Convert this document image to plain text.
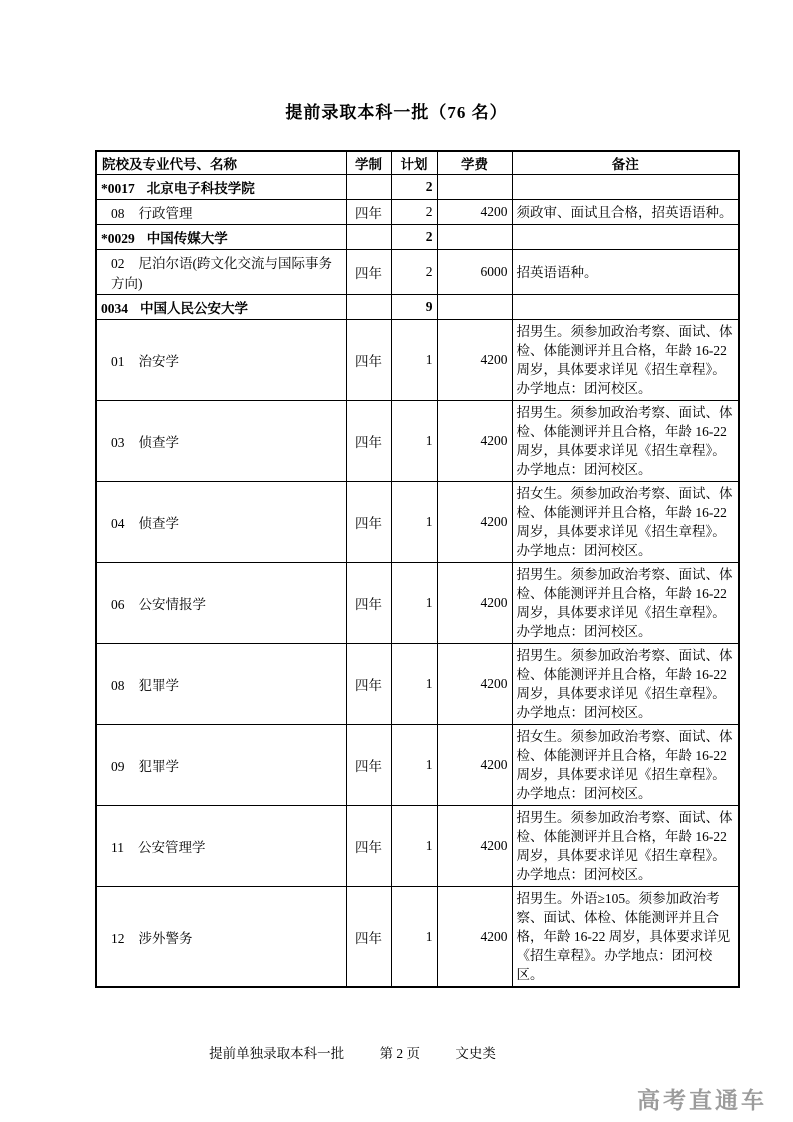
提前录取本科一批（76 名）
院校及专业代号、名称	学制	计划	学费	备注
*0017 北京电子科技学院		2		
08 行政管理	四年	2	4200	须政审、面试且合格，招英语语种。
*0029 中国传媒大学		2		
02 尼泊尔语(跨文化交流与国际事务方向)	四年	2	6000	招英语语种。
0034 中国人民公安大学		9		
01 治安学	四年	1	4200	招男生。须参加政治考察、面试、体检、体能测评并且合格，年龄 16-22 周岁，具体要求详见《招生章程》。办学地点：团河校区。
03 侦查学	四年	1	4200	招男生。须参加政治考察、面试、体检、体能测评并且合格，年龄 16-22 周岁，具体要求详见《招生章程》。办学地点：团河校区。
04 侦查学	四年	1	4200	招女生。须参加政治考察、面试、体检、体能测评并且合格，年龄 16-22 周岁，具体要求详见《招生章程》。办学地点：团河校区。
06 公安情报学	四年	1	4200	招男生。须参加政治考察、面试、体检、体能测评并且合格，年龄 16-22 周岁，具体要求详见《招生章程》。办学地点：团河校区。
08 犯罪学	四年	1	4200	招男生。须参加政治考察、面试、体检、体能测评并且合格，年龄 16-22 周岁，具体要求详见《招生章程》。办学地点：团河校区。
09 犯罪学	四年	1	4200	招女生。须参加政治考察、面试、体检、体能测评并且合格，年龄 16-22 周岁，具体要求详见《招生章程》。办学地点：团河校区。
11 公安管理学	四年	1	4200	招男生。须参加政治考察、面试、体检、体能测评并且合格，年龄 16-22 周岁，具体要求详见《招生章程》。办学地点：团河校区。
12 涉外警务	四年	1	4200	招男生。外语≥105。须参加政治考察、面试、体检、体能测评并且合格，年龄 16-22 周岁，具体要求详见《招生章程》。办学地点：团河校区。
提前单独录取本科一批	第 2 页	文史类
高考直通车
